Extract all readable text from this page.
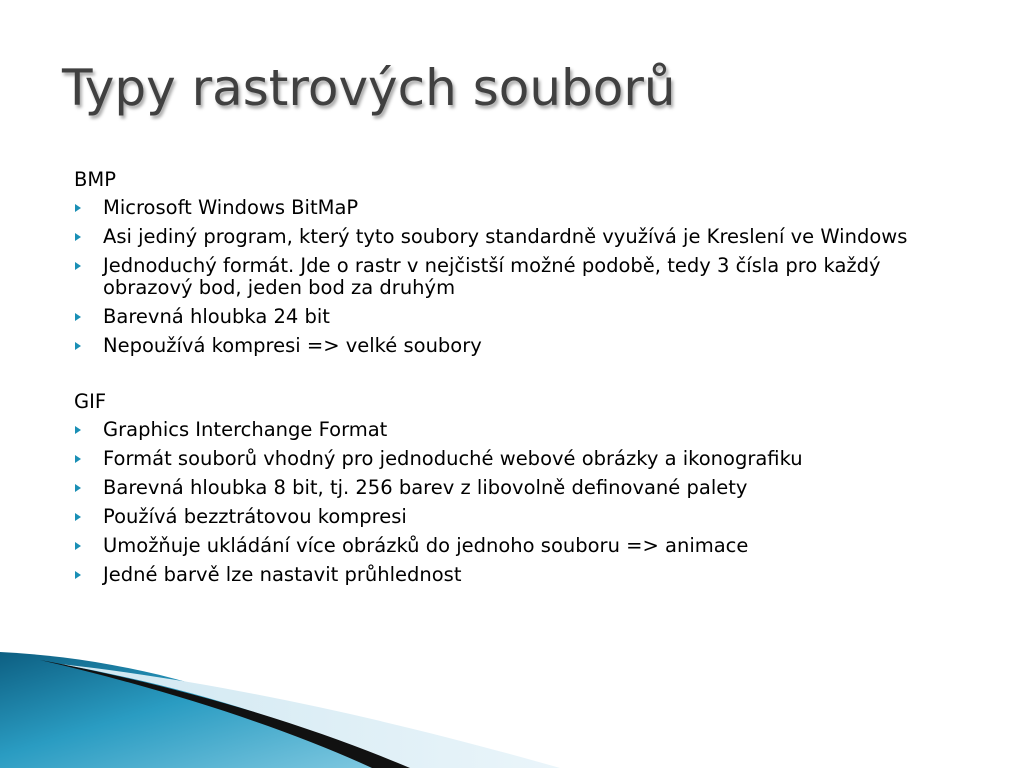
Typy rastrových souborů
BMP
Microsoft Windows BitMaP
Asi jediný program, který tyto soubory standardně využívá je Kreslení ve Windows
Jednoduchý formát. Jde o rastr v nejčistší možné podobě, tedy 3 čísla pro každý obrazový bod, jeden bod za druhým
Barevná hloubka 24 bit
Nepoužívá kompresi => velké soubory
GIF
Graphics Interchange Format
Formát souborů vhodný pro jednoduché webové obrázky a ikonografiku
Barevná hloubka 8 bit, tj. 256 barev z libovolně definované palety
Používá bezztrátovou kompresi
Umožňuje ukládání více obrázků do jednoho souboru => animace
Jedné barvě lze nastavit průhlednost
